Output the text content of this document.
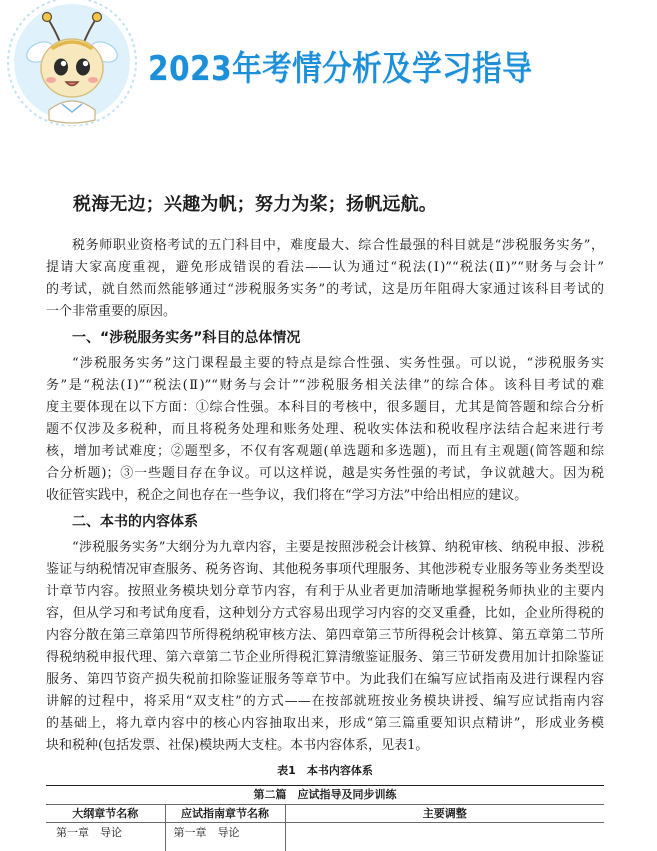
2023年考情分析及学习指导
税海无边；兴趣为帆；努力为桨；扬帆远航。
税务师职业资格考试的五门科目中，难度最大、综合性最强的科目就是“涉税服务实务”，
提请大家高度重视，避免形成错误的看法——认为通过“税法(Ⅰ)”“税法(Ⅱ)”“财务与会计”
的考试，就自然而然能够通过“涉税服务实务”的考试，这是历年阻碍大家通过该科目考试的
一个非常重要的原因。
一、“涉税服务实务”科目的总体情况
“涉税服务实务”这门课程最主要的特点是综合性强、实务性强。可以说，“涉税服务实
务”是“税法(Ⅰ)”“税法(Ⅱ)”“财务与会计”“涉税服务相关法律”的综合体。该科目考试的难
度主要体现在以下方面：①综合性强。本科目的考核中，很多题目，尤其是简答题和综合分析
题不仅涉及多税种，而且将税务处理和账务处理、税收实体法和税收程序法结合起来进行考
核，增加考试难度；②题型多，不仅有客观题(单选题和多选题)，而且有主观题(简答题和综
合分析题)；③一些题目存在争议。可以这样说，越是实务性强的考试，争议就越大。因为税
收征管实践中，税企之间也存在一些争议，我们将在“学习方法”中给出相应的建议。
二、本书的内容体系
“涉税服务实务”大纲分为九章内容，主要是按照涉税会计核算、纳税审核、纳税申报、涉税
鉴证与纳税情况审查服务、税务咨询、其他税务事项代理服务、其他涉税专业服务等业务类型设
计章节内容。按照业务模块划分章节内容，有利于从业者更加清晰地掌握税务师执业的主要内
容，但从学习和考试角度看，这种划分方式容易出现学习内容的交叉重叠，比如，企业所得税的
内容分散在第三章第四节所得税纳税审核方法、第四章第三节所得税会计核算、第五章第二节所
得税纳税申报代理、第六章第二节企业所得税汇算清缴鉴证服务、第三节研发费用加计扣除鉴证
服务、第四节资产损失税前扣除鉴证服务等章节中。为此我们在编写应试指南及进行课程内容
讲解的过程中，将采用“双支柱”的方式——在按部就班按业务模块讲授、编写应试指南内容
的基础上，将九章内容中的核心内容抽取出来，形成“第三篇重要知识点精讲”，形成业务模
块和税种(包括发票、社保)模块两大支柱。本书内容体系，见表1。
表1　本书内容体系
第二篇　应试指导及同步训练		
大纲章节名称	应试指南章节名称	主要调整
第一章　导论	第一章　导论	
